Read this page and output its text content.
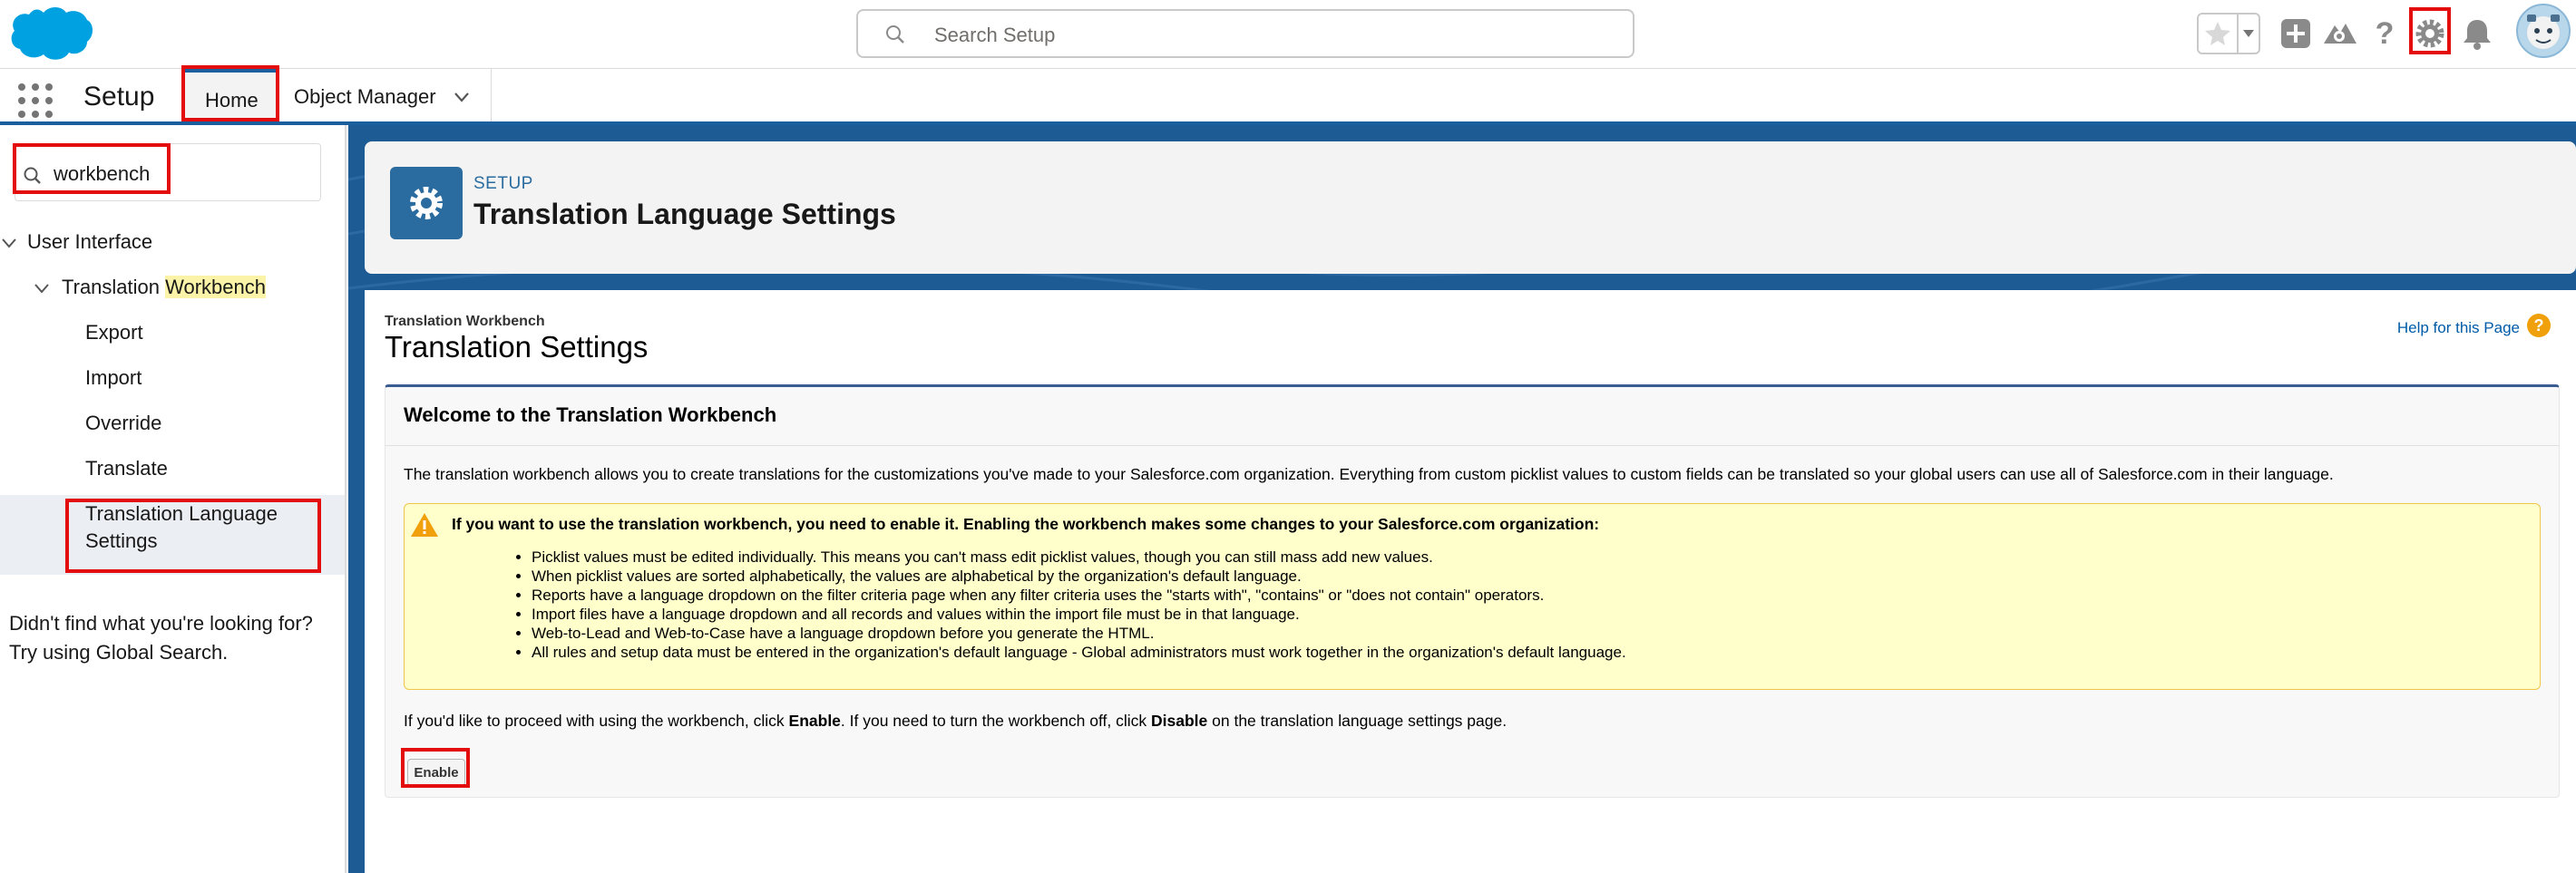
Search Setup	?
Setup	Home Object Manager
workbench
User Interface
Translation Workbench
Export
Import
Override
Translate
Translation Language
Settings
Didn't find what you're looking for?
Try using Global Search.
SETUP
Translation Language Settings
Translation Workbench
Translation Settings
Help for this Page ?
Welcome to the Translation Workbench
The translation workbench allows you to create translations for the customizations you've made to your Salesforce.com organization. Everything from custom picklist values to custom fields can be translated so your global users can use all of Salesforce.com in their language.
If you want to use the translation workbench, you need to enable it. Enabling the workbench makes some changes to your Salesforce.com organization:
• Picklist values must be edited individually. This means you can't mass edit picklist values, though you can still mass add new values.
• When picklist values are sorted alphabetically, the values are alphabetical by the organization's default language.
• Reports have a language dropdown on the filter criteria page when any filter criteria uses the "starts with", "contains" or "does not contain" operators.
• Import files have a language dropdown and all records and values within the import file must be in that language.
• Web-to-Lead and Web-to-Case have a language dropdown before you generate the HTML.
• All rules and setup data must be entered in the organization's default language - Global administrators must work together in the organization's default language.
If you'd like to proceed with using the workbench, click Enable. If you need to turn the workbench off, click Disable on the translation language settings page.
Enable
